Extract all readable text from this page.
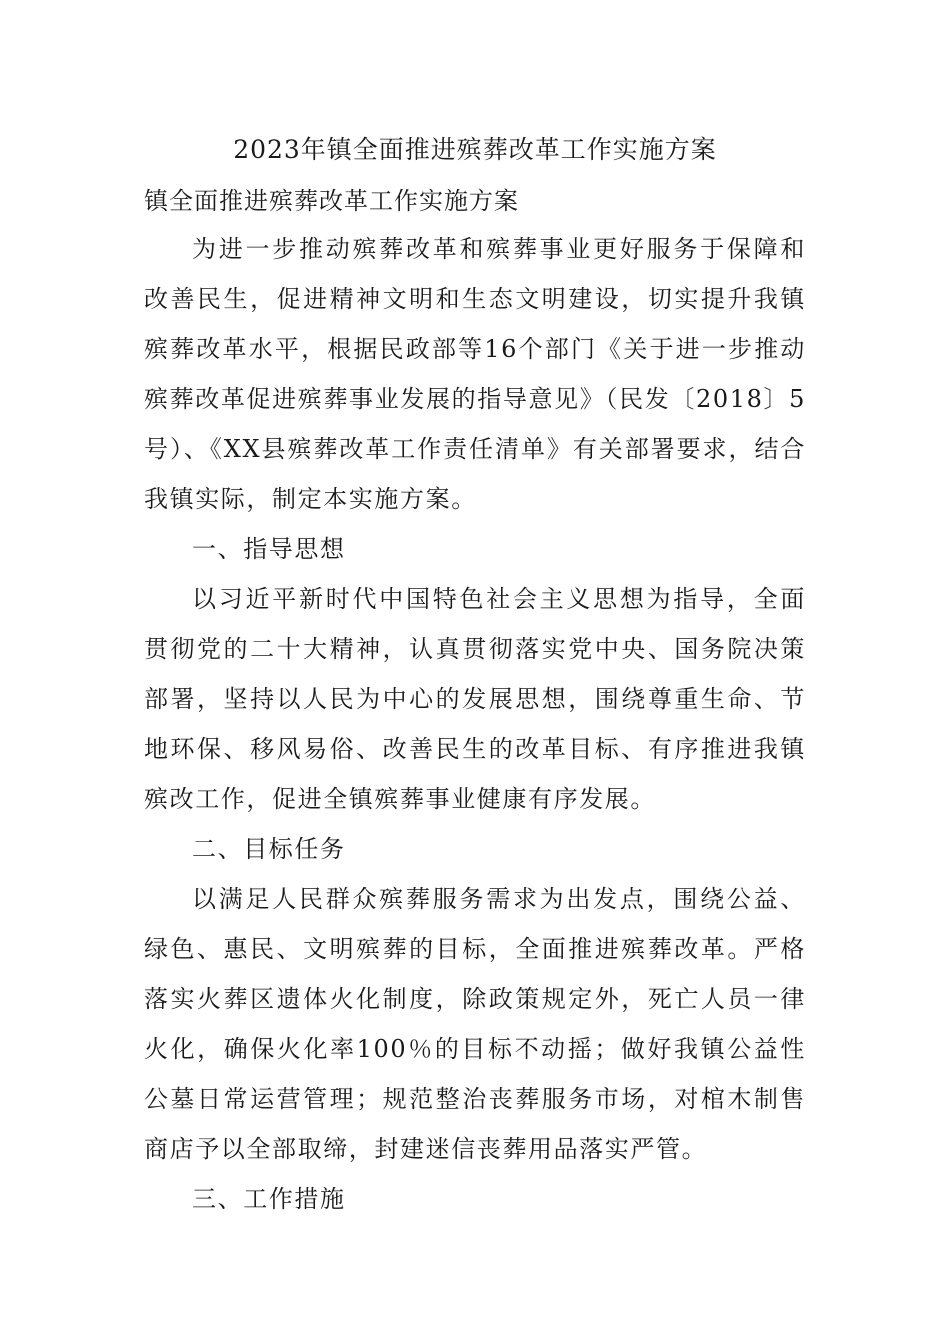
2023年镇全面推进殡葬改革工作实施方案
镇全面推进殡葬改革工作实施方案

为进一步推动殡葬改革和殡葬事业更好服务于保障和改善民生，促进精神文明和生态文明建设，切实提升我镇殡葬改革水平，根据民政部等16个部门《关于进一步推动殡葬改革促进殡葬事业发展的指导意见》（民发〔2018〕5号）、《XX县殡葬改革工作责任清单》有关部署要求，结合我镇实际，制定本实施方案。

一、指导思想

以习近平新时代中国特色社会主义思想为指导，全面贯彻党的二十大精神，认真贯彻落实党中央、国务院决策部署，坚持以人民为中心的发展思想，围绕尊重生命、节地环保、移风易俗、改善民生的改革目标、有序推进我镇殡改工作，促进全镇殡葬事业健康有序发展。

二、目标任务

以满足人民群众殡葬服务需求为出发点，围绕公益、绿色、惠民、文明殡葬的目标，全面推进殡葬改革。严格落实火葬区遗体火化制度，除政策规定外，死亡人员一律火化，确保火化率100％的目标不动摇；做好我镇公益性公墓日常运营管理；规范整治丧葬服务市场，对棺木制售商店予以全部取缔，封建迷信丧葬用品落实严管。

三、工作措施
